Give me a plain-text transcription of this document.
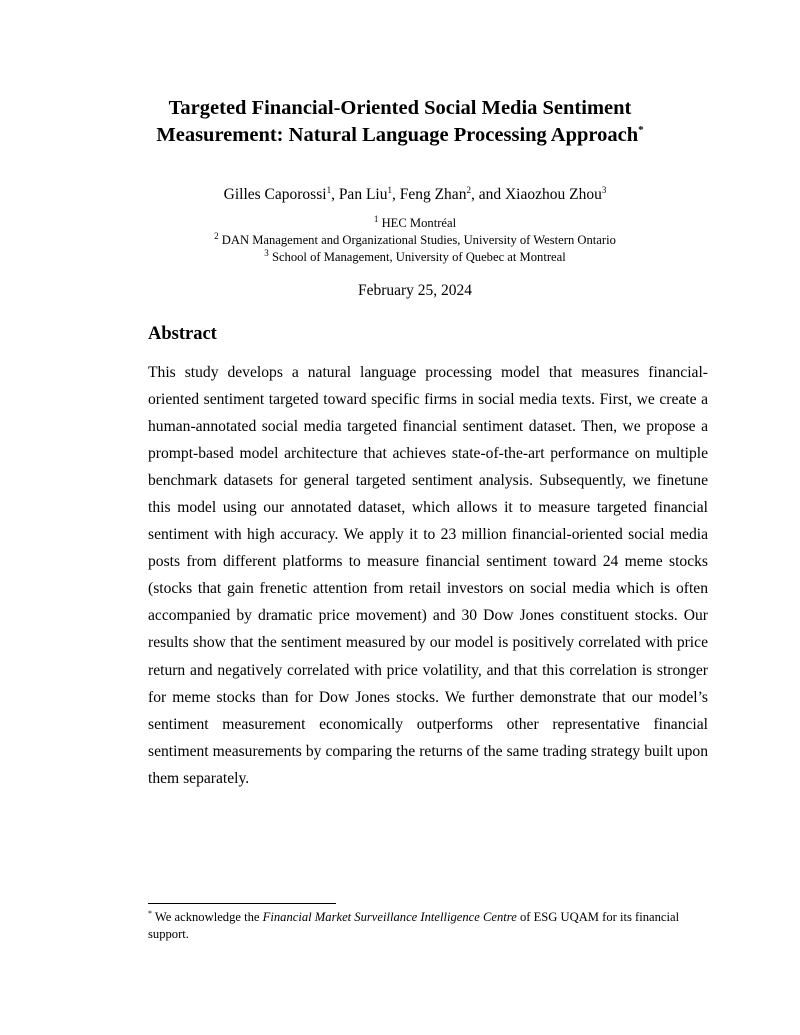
Targeted Financial-Oriented Social Media Sentiment
Measurement: Natural Language Processing Approach*
Gilles Caporossi$^1$, Pan Liu$^1$, Feng Zhan$^2$, and Xiaozhou Zhou$^3$
$^1$ HEC Montréal
$^2$ DAN Management and Organizational Studies, University of Western Ontario
$^3$ School of Management, University of Quebec at Montreal
February 25, 2024
Abstract

This study develops a natural language processing model that measures financial-oriented sentiment targeted toward specific firms in social media texts. First, we create a human-annotated social media targeted financial sentiment dataset. Then, we propose a prompt-based model architecture that achieves state-of-the-art performance on multiple benchmark datasets for general targeted sentiment analysis. Subsequently, we finetune this model using our annotated dataset, which allows it to measure targeted financial sentiment with high accuracy. We apply it to 23 million financial-oriented social media posts from different platforms to measure financial sentiment toward 24 meme stocks (stocks that gain frenetic attention from retail investors on social media which is often accompanied by dramatic price movement) and 30 Dow Jones constituent stocks. Our results show that the sentiment measured by our model is positively correlated with price return and negatively correlated with price volatility, and that this correlation is stronger for meme stocks than for Dow Jones stocks. We further demonstrate that our model’s sentiment measurement economically outperforms other representative financial sentiment measurements by comparing the returns of the same trading strategy built upon them separately.

* We acknowledge the Financial Market Surveillance Intelligence Centre of ESG UQAM for its financial support.
